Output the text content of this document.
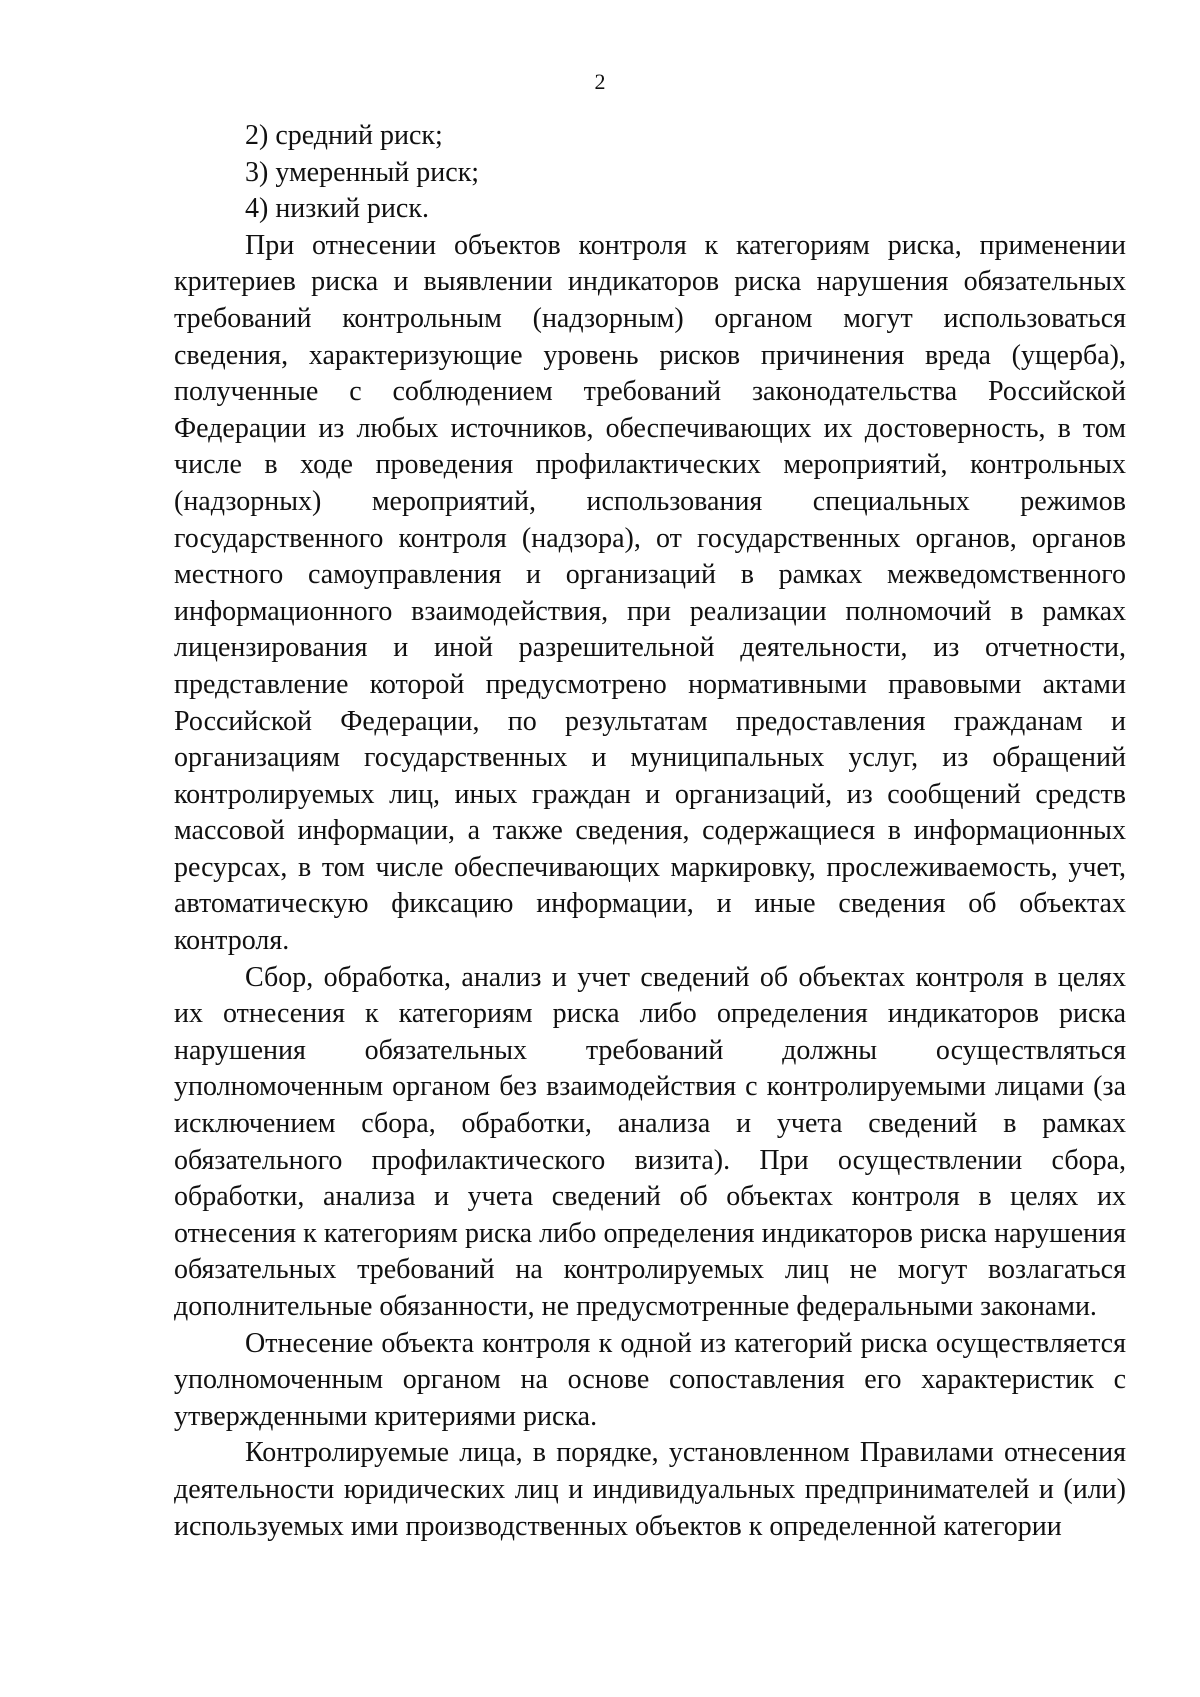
2

2) средний риск;

3) умеренный риск;

4) низкий риск.

При отнесении объектов контроля к категориям риска, применении критериев риска и выявлении индикаторов риска нарушения обязательных требований контрольным (надзорным) органом могут использоваться сведения, характеризующие уровень рисков причинения вреда (ущерба), полученные с соблюдением требований законодательства Российской Федерации из любых источников, обеспечивающих их достоверность, в том числе в ходе проведения профилактических мероприятий, контрольных (надзорных) мероприятий, использования специальных режимов государственного контроля (надзора), от государственных органов, органов местного самоуправления и организаций в рамках межведомственного информационного взаимодействия, при реализации полномочий в рамках лицензирования и иной разрешительной деятельности, из отчетности, представление которой предусмотрено нормативными правовыми актами Российской Федерации, по результатам предоставления гражданам и организациям государственных и муниципальных услуг, из обращений контролируемых лиц, иных граждан и организаций, из сообщений средств массовой информации, а также сведения, содержащиеся в информационных ресурсах, в том числе обеспечивающих маркировку, прослеживаемость, учет, автоматическую фиксацию информации, и иные сведения об объектах контроля.

Сбор, обработка, анализ и учет сведений об объектах контроля в целях их отнесения к категориям риска либо определения индикаторов риска нарушения обязательных требований должны осуществляться уполномоченным органом без взаимодействия с контролируемыми лицами (за исключением сбора, обработки, анализа и учета сведений в рамках обязательного профилактического визита). При осуществлении сбора, обработки, анализа и учета сведений об объектах контроля в целях их отнесения к категориям риска либо определения индикаторов риска нарушения обязательных требований на контролируемых лиц не могут возлагаться дополнительные обязанности, не предусмотренные федеральными законами.

Отнесение объекта контроля к одной из категорий риска осуществляется уполномоченным органом на основе сопоставления его характеристик с утвержденными критериями риска.

Контролируемые лица, в порядке, установленном Правилами отнесения деятельности юридических лиц и индивидуальных предпринимателей и (или) используемых ими производственных объектов к определенной категории
